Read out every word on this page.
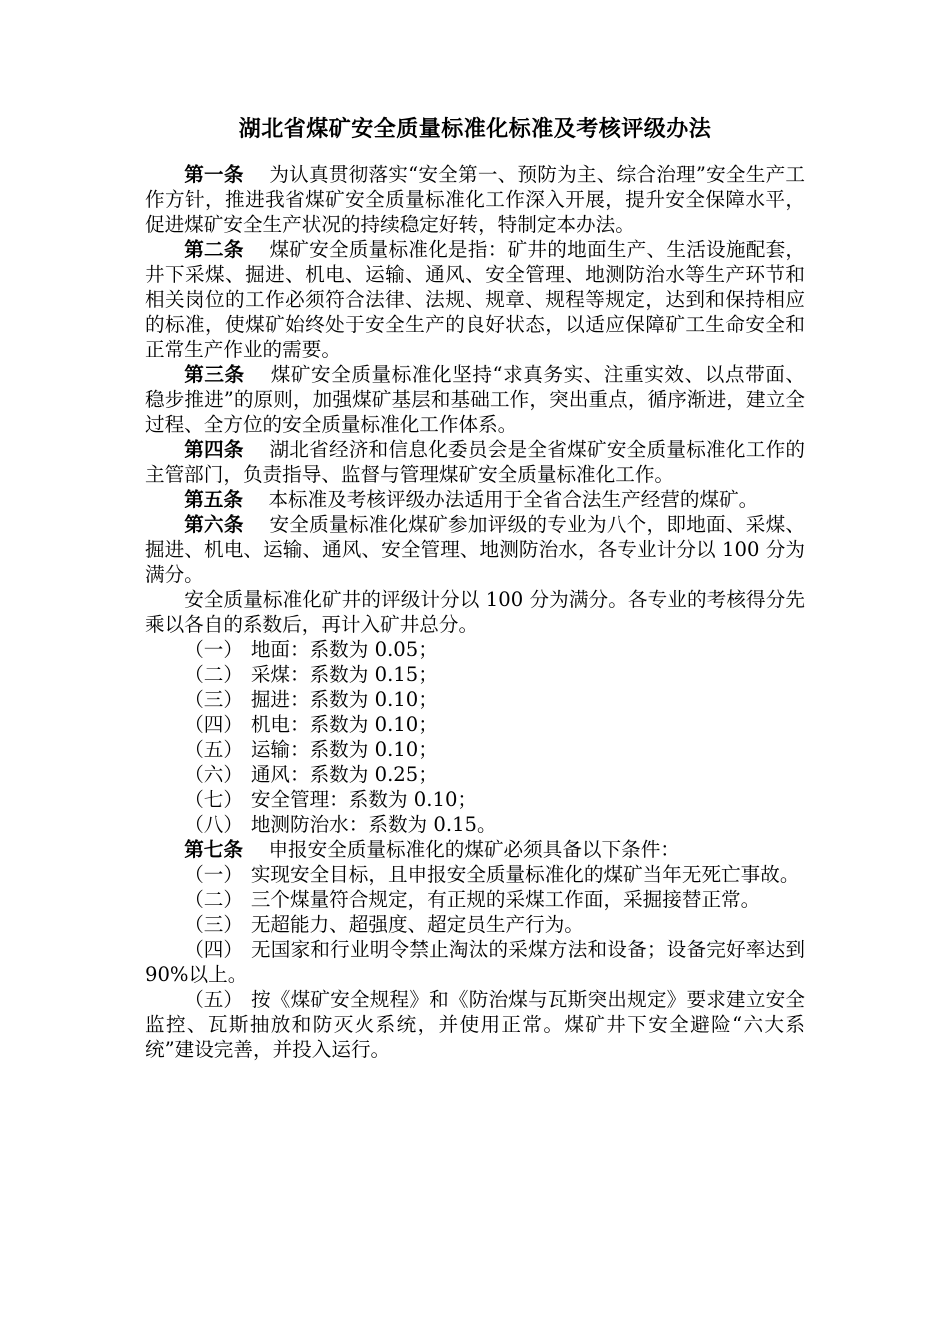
湖北省煤矿安全质量标准化标准及考核评级办法

第一条 为认真贯彻落实“安全第一、预防为主、综合治理”安全生产工作方针，推进我省煤矿安全质量标准化工作深入开展，提升安全保障水平，促进煤矿安全生产状况的持续稳定好转，特制定本办法。

第二条 煤矿安全质量标准化是指：矿井的地面生产、生活设施配套，井下采煤、掘进、机电、运输、通风、安全管理、地测防治水等生产环节和相关岗位的工作必须符合法律、法规、规章、规程等规定，达到和保持相应的标准，使煤矿始终处于安全生产的良好状态，以适应保障矿工生命安全和正常生产作业的需要。

第三条 煤矿安全质量标准化坚持“求真务实、注重实效、以点带面、稳步推进”的原则，加强煤矿基层和基础工作，突出重点，循序渐进，建立全过程、全方位的安全质量标准化工作体系。

第四条 湖北省经济和信息化委员会是全省煤矿安全质量标准化工作的主管部门，负责指导、监督与管理煤矿安全质量标准化工作。

第五条 本标准及考核评级办法适用于全省合法生产经营的煤矿。

第六条 安全质量标准化煤矿参加评级的专业为八个，即地面、采煤、掘进、机电、运输、通风、安全管理、地测防治水，各专业计分以 100 分为满分。

安全质量标准化矿井的评级计分以 100 分为满分。各专业的考核得分先乘以各自的系数后，再计入矿井总分。

（一） 地面：系数为 0.05；

（二） 采煤：系数为 0.15；

（三） 掘进：系数为 0.10；

（四） 机电：系数为 0.10；

（五） 运输：系数为 0.10；

（六） 通风：系数为 0.25；

（七） 安全管理：系数为 0.10；

（八） 地测防治水：系数为 0.15。

第七条 申报安全质量标准化的煤矿必须具备以下条件：

（一） 实现安全目标，且申报安全质量标准化的煤矿当年无死亡事故。

（二） 三个煤量符合规定，有正规的采煤工作面，采掘接替正常。

（三） 无超能力、超强度、超定员生产行为。

（四） 无国家和行业明令禁止淘汰的采煤方法和设备；设备完好率达到 90%以上。

（五） 按《煤矿安全规程》和《防治煤与瓦斯突出规定》要求建立安全监控、瓦斯抽放和防灭火系统，并使用正常。煤矿井下安全避险“六大系统”建设完善，并投入运行。
